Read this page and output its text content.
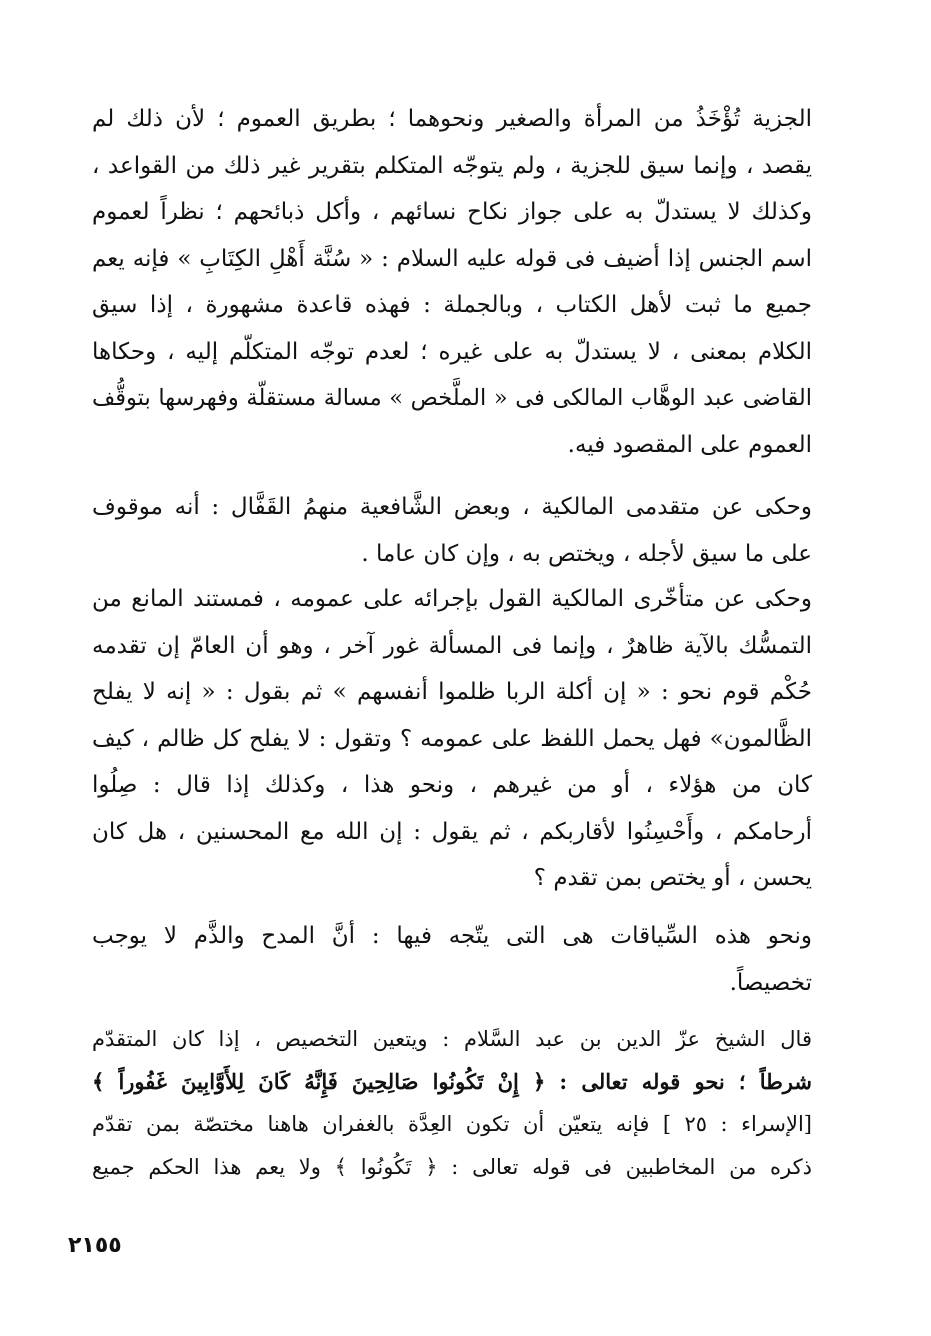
الجزية تُؤْخَذُ من المرأة والصغير ونحوهما ؛ بطريق العموم ؛ لأن ذلك لم
يقصد ، وإنما سيق للجزية ، ولم يتوجّه المتكلم بتقرير غير ذلك من القواعد ،
وكذلك لا يستدلّ به على جواز نكاح نسائهم ، وأكل ذبائحهم ؛ نظراً لعموم
اسم الجنس إذا أضيف فى قوله عليه السلام : « سُنَّة أَهْلِ الكِتَابِ » فإنه يعم
جميع ما ثبت لأهل الكتاب ، وبالجملة : فهذه قاعدة مشهورة ، إذا سيق
الكلام بمعنى ، لا يستدلّ به على غيره ؛ لعدم توجّه المتكلّم إليه ، وحكاها
القاضى عبد الوهَّاب المالكى فى « الملَّخص » مسالة مستقلّة وفهرسها بتوقُّف
العموم على المقصود فيه.
وحكى عن متقدمى المالكية ، وبعض الشَّافعية منهمُ القَفَّال : أنه موقوف
على ما سيق لأجله ، ويختص به ، وإن كان عاما .
وحكى عن متأخّرى المالكية القول بإجرائه على عمومه ، فمستند المانع من
التمسُّك بالآية ظاهرٌ ، وإنما فى المسألة غور آخر ، وهو أن العامّ إن تقدمه
حُكْم قوم نحو : « إن أكلة الربا ظلموا أنفسهم » ثم بقول : « إنه لا يفلح
الظَّالمون» فهل يحمل اللفظ على عمومه ؟ وتقول : لا يفلح كل ظالم ، كيف
كان من هؤلاء ، أو من غيرهم ، ونحو هذا ، وكذلك إذا قال : صِلُوا
أرحامكم ، وأَحْسِنُوا لأقاربكم ، ثم يقول : إن الله مع المحسنين ، هل كان
يحسن ، أو يختص بمن تقدم ؟
ونحو هذه السِّياقات هى التى يتّجه فيها : أنَّ المدح والذَّم لا يوجب
تخصيصاً.
قال الشيخ عزّ الدين بن عبد السَّلام : ويتعين التخصيص ، إذا كان المتقدّم
شرطاً ؛ نحو قوله تعالى : ﴿ إِنْ تَكُونُوا صَالِحِينَ فَإِنَّهُ كَانَ لِلأَوَّابِينَ غَفُوراً ﴾
[الإسراء : ٢٥ ] فإنه يتعيّن أن تكون العِدَّة بالغفران هاهنا مختصّة بمن تقدّم
ذكره من المخاطبين فى قوله تعالى : ﴿ تَكُونُوا ﴾ ولا يعم هذا الحكم جميع
٢١٥٥
